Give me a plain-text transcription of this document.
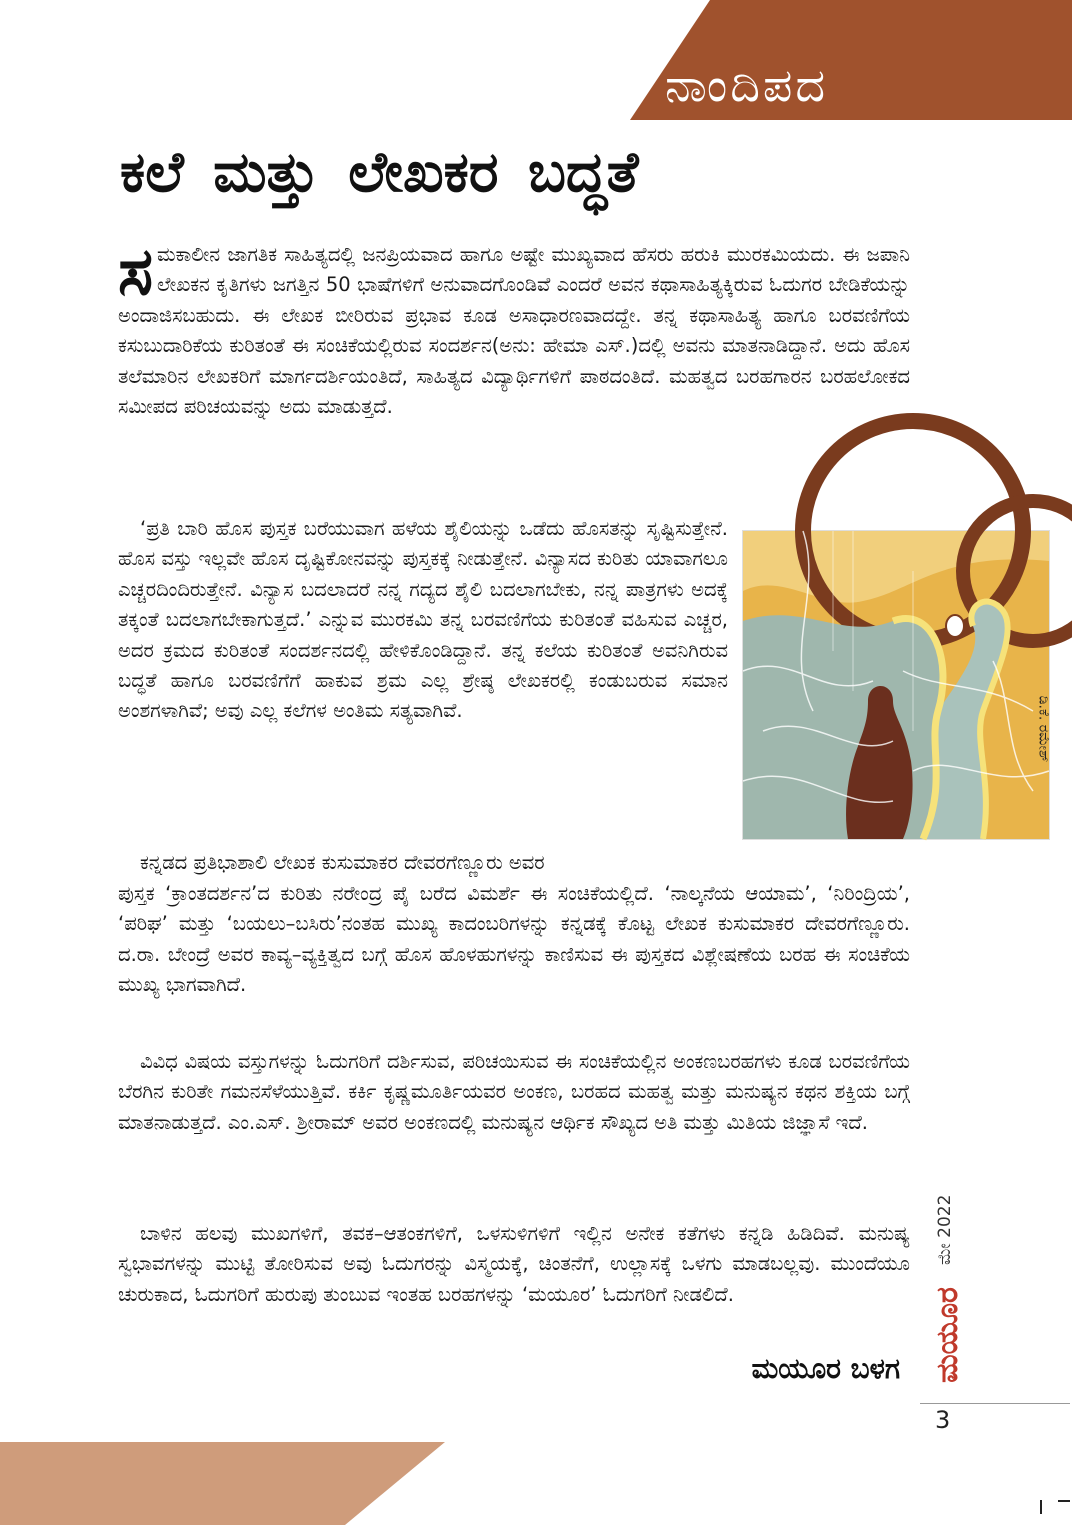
ನಾಂದಿಪದ
ಕಲೆ ಮತ್ತು ಲೇಖಕರ ಬದ್ಧತೆ

ಸಮಕಾಲೀನ ಜಾಗತಿಕ ಸಾಹಿತ್ಯದಲ್ಲಿ ಜನಪ್ರಿಯವಾದ ಹಾಗೂ ಅಷ್ಟೇ ಮುಖ್ಯವಾದ ಹೆಸರು ಹರುಕಿ ಮುರಕಮಿಯದು. ಈ ಜಪಾನಿ ಲೇಖಕನ ಕೃತಿಗಳು ಜಗತ್ತಿನ 50 ಭಾಷೆಗಳಿಗೆ ಅನುವಾದಗೊಂಡಿವೆ ಎಂದರೆ ಅವನ ಕಥಾಸಾಹಿತ್ಯಕ್ಕಿರುವ ಓದುಗರ ಬೇಡಿಕೆಯನ್ನು ಅಂದಾಜಿಸಬಹುದು. ಈ ಲೇಖಕ ಬೀರಿರುವ ಪ್ರಭಾವ ಕೂಡ ಅಸಾಧಾರಣವಾದದ್ದೇ. ತನ್ನ ಕಥಾಸಾಹಿತ್ಯ ಹಾಗೂ ಬರವಣಿಗೆಯ ಕಸುಬುದಾರಿಕೆಯ ಕುರಿತಂತೆ ಈ ಸಂಚಿಕೆಯಲ್ಲಿರುವ ಸಂದರ್ಶನ(ಅನು: ಹೇಮಾ ಎಸ್.)ದಲ್ಲಿ ಅವನು ಮಾತನಾಡಿದ್ದಾನೆ. ಅದು ಹೊಸ ತಲೆಮಾರಿನ ಲೇಖಕರಿಗೆ ಮಾರ್ಗದರ್ಶಿಯಂತಿದೆ, ಸಾಹಿತ್ಯದ ವಿದ್ಯಾರ್ಥಿಗಳಿಗೆ ಪಾಠದಂತಿದೆ. ಮಹತ್ವದ ಬರಹಗಾರನ ಬರಹಲೋಕದ ಸಮೀಪದ ಪರಿಚಯವನ್ನು ಅದು ಮಾಡುತ್ತದೆ.

‘ಪ್ರತಿ ಬಾರಿ ಹೊಸ ಪುಸ್ತಕ ಬರೆಯುವಾಗ ಹಳೆಯ ಶೈಲಿಯನ್ನು ಒಡೆದು ಹೊಸತನ್ನು ಸೃಷ್ಟಿಸುತ್ತೇನೆ. ಹೊಸ ವಸ್ತು ಇಲ್ಲವೇ ಹೊಸ ದೃಷ್ಟಿಕೋನವನ್ನು ಪುಸ್ತಕಕ್ಕೆ ನೀಡುತ್ತೇನೆ. ವಿನ್ಯಾಸದ ಕುರಿತು ಯಾವಾಗಲೂ ಎಚ್ಚರದಿಂದಿರುತ್ತೇನೆ. ವಿನ್ಯಾಸ ಬದಲಾದರೆ ನನ್ನ ಗದ್ಯದ ಶೈಲಿ ಬದಲಾಗಬೇಕು, ನನ್ನ ಪಾತ್ರಗಳು ಅದಕ್ಕೆ ತಕ್ಕಂತೆ ಬದಲಾಗಬೇಕಾಗುತ್ತದೆ.’ ಎನ್ನುವ ಮುರಕಮಿ ತನ್ನ ಬರವಣಿಗೆಯ ಕುರಿತಂತೆ ವಹಿಸುವ ಎಚ್ಚರ, ಅದರ ಕ್ರಮದ ಕುರಿತಂತೆ ಸಂದರ್ಶನದಲ್ಲಿ ಹೇಳಿಕೊಂಡಿದ್ದಾನೆ. ತನ್ನ ಕಲೆಯ ಕುರಿತಂತೆ ಅವನಿಗಿರುವ ಬದ್ಧತೆ ಹಾಗೂ ಬರವಣಿಗೆಗೆ ಹಾಕುವ ಶ್ರಮ ಎಲ್ಲ ಶ್ರೇಷ್ಠ ಲೇಖಕರಲ್ಲಿ ಕಂಡುಬರುವ ಸಮಾನ ಅಂಶಗಳಾಗಿವೆ; ಅವು ಎಲ್ಲ ಕಲೆಗಳ ಅಂತಿಮ ಸತ್ಯವಾಗಿವೆ.	ಡಿ.ಕೆ. ರಮೇಶ್

ಕನ್ನಡದ ಪ್ರತಿಭಾಶಾಲಿ ಲೇಖಕ ಕುಸುಮಾಕರ ದೇವರಗೆಣ್ಣೂರು ಅವರ

ಪುಸ್ತಕ ‘ಕ್ರಾಂತದರ್ಶನ’ದ ಕುರಿತು ನರೇಂದ್ರ ಪೈ ಬರೆದ ವಿಮರ್ಶೆ ಈ ಸಂಚಿಕೆಯಲ್ಲಿದೆ. ‘ನಾಲ್ಕನೆಯ ಆಯಾಮ’, ‘ನಿರಿಂದ್ರಿಯ’, ‘ಪರಿಘ’ ಮತ್ತು ‘ಬಯಲು–ಬಸಿರು’ನಂತಹ ಮುಖ್ಯ ಕಾದಂಬರಿಗಳನ್ನು ಕನ್ನಡಕ್ಕೆ ಕೊಟ್ಟ ಲೇಖಕ ಕುಸುಮಾಕರ ದೇವರಗೆಣ್ಣೂರು. ದ.ರಾ. ಬೇಂದ್ರೆ ಅವರ ಕಾವ್ಯ–ವ್ಯಕ್ತಿತ್ವದ ಬಗ್ಗೆ ಹೊಸ ಹೊಳಹುಗಳನ್ನು ಕಾಣಿಸುವ ಈ ಪುಸ್ತಕದ ವಿಶ್ಲೇಷಣೆಯ ಬರಹ ಈ ಸಂಚಿಕೆಯ ಮುಖ್ಯ ಭಾಗವಾಗಿದೆ.

ವಿವಿಧ ವಿಷಯ ವಸ್ತುಗಳನ್ನು ಓದುಗರಿಗೆ ದರ್ಶಿಸುವ, ಪರಿಚಯಿಸುವ ಈ ಸಂಚಿಕೆಯಲ್ಲಿನ ಅಂಕಣಬರಹಗಳು ಕೂಡ ಬರವಣಿಗೆಯ ಬೆರಗಿನ ಕುರಿತೇ ಗಮನಸೆಳೆಯುತ್ತಿವೆ. ಕರ್ಕಿ ಕೃಷ್ಣಮೂರ್ತಿಯವರ ಅಂಕಣ, ಬರಹದ ಮಹತ್ವ ಮತ್ತು ಮನುಷ್ಯನ ಕಥನ ಶಕ್ತಿಯ ಬಗ್ಗೆ ಮಾತನಾಡುತ್ತದೆ. ಎಂ.ಎಸ್. ಶ್ರೀರಾಮ್ ಅವರ ಅಂಕಣದಲ್ಲಿ ಮನುಷ್ಯನ ಆರ್ಥಿಕ ಸೌಖ್ಯದ ಅತಿ ಮತ್ತು ಮಿತಿಯ ಜಿಜ್ಞಾಸೆ ಇದೆ.

ಬಾಳಿನ ಹಲವು ಮುಖಗಳಿಗೆ, ತವಕ–ಆತಂಕಗಳಿಗೆ, ಒಳಸುಳಿಗಳಿಗೆ ಇಲ್ಲಿನ ಅನೇಕ ಕತೆಗಳು ಕನ್ನಡಿ ಹಿಡಿದಿವೆ. ಮನುಷ್ಯ ಸ್ವಭಾವಗಳನ್ನು ಮುಟ್ಟಿ ತೋರಿಸುವ ಅವು ಓದುಗರನ್ನು ವಿಸ್ಮಯಕ್ಕೆ, ಚಿಂತನೆಗೆ, ಉಲ್ಲಾಸಕ್ಕೆ ಒಳಗು ಮಾಡಬಲ್ಲವು. ಮುಂದೆಯೂ ಚುರುಕಾದ, ಓದುಗರಿಗೆ ಹುರುಪು ತುಂಬುವ ಇಂತಹ ಬರಹಗಳನ್ನು ‘ಮಯೂರ’ ಓದುಗರಿಗೆ ನೀಡಲಿದೆ.

ಮಯೂರ ಬಳಗ
ಮೇ 2022
ಮಯೂರ
3
